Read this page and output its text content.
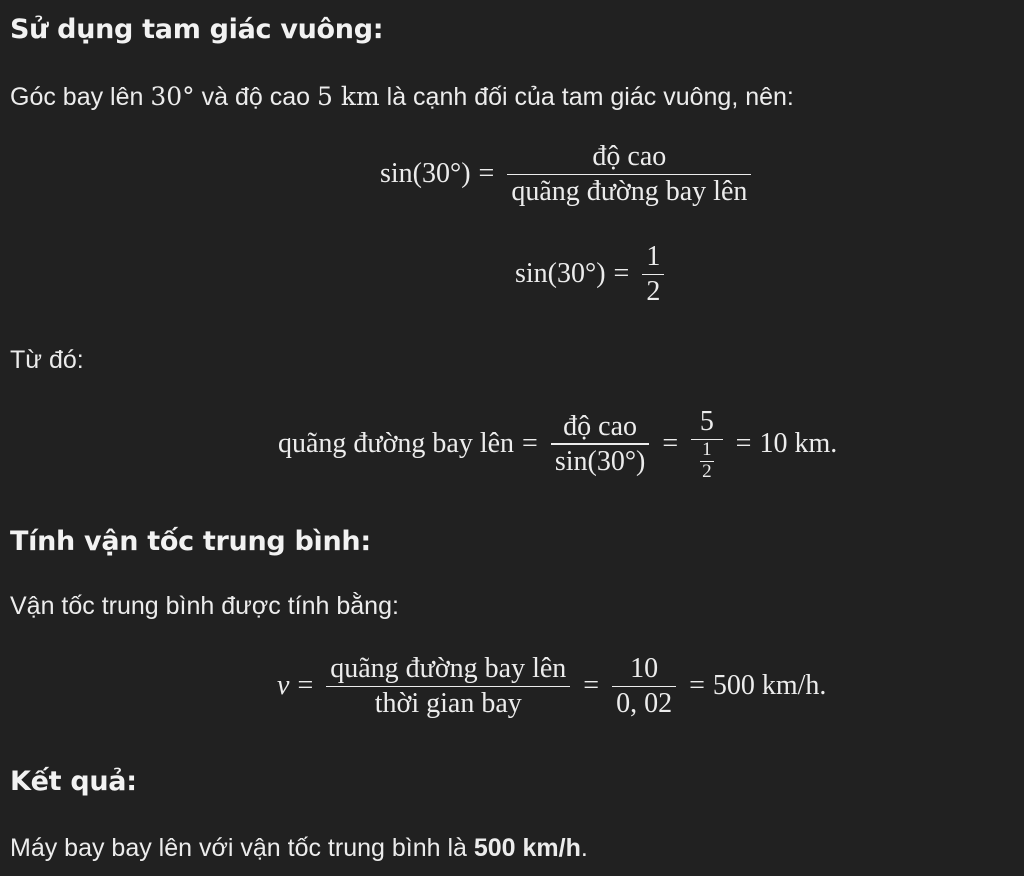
Sử dụng tam giác vuông:
Góc bay lên 30° và độ cao 5 km là cạnh đối của tam giác vuông, nên:
$\sin(30^\circ) = \frac{\text{độ cao}}{\text{quãng đường bay lên}}$
$\sin(30^\circ) = \frac{1}{2}$
Từ đó:
quãng đường bay lên = $\frac{\text{độ cao}}{\sin(30^\circ)} = \frac{5}{\frac{1}{2}} = 10$ km.
Tính vận tốc trung bình:
Vận tốc trung bình được tính bằng:
$v = \frac{\text{quãng đường bay lên}}{\text{thời gian bay}} = \frac{10}{0, 02} = 500$ km/h.
Kết quả:
Máy bay bay lên với vận tốc trung bình là 500 km/h.
